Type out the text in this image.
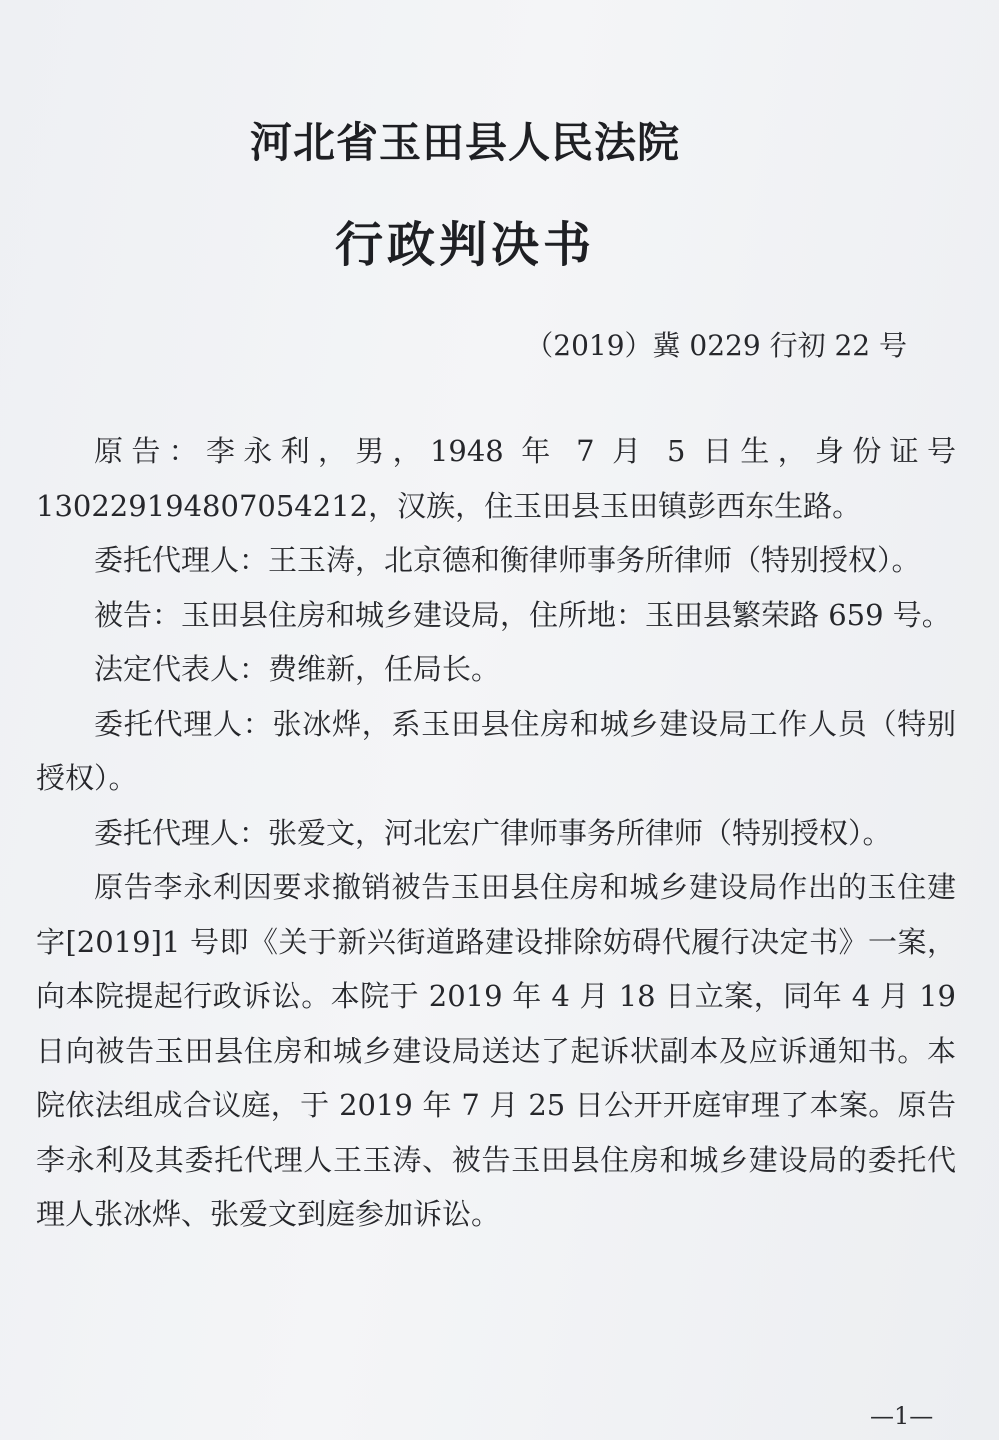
河北省玉田县人民法院
行政判决书
（2019）冀 0229 行初 22 号

原告：李永利，男，1948 年 7 月 5 日生，身份证号 130229194807054212，汉族，住玉田县玉田镇彭西东生路。

委托代理人：王玉涛，北京德和衡律师事务所律师（特别授权）。

被告：玉田县住房和城乡建设局，住所地：玉田县繁荣路 659 号。

法定代表人：费维新，任局长。

委托代理人：张冰烨，系玉田县住房和城乡建设局工作人员（特别授权）。

委托代理人：张爱文，河北宏广律师事务所律师（特别授权）。

原告李永利因要求撤销被告玉田县住房和城乡建设局作出的玉住建字[2019]1 号即《关于新兴街道路建设排除妨碍代履行决定书》一案，向本院提起行政诉讼。本院于 2019 年 4 月 18 日立案，同年 4 月 19 日向被告玉田县住房和城乡建设局送达了起诉状副本及应诉通知书。本院依法组成合议庭，于 2019 年 7 月 25 日公开开庭审理了本案。原告李永利及其委托代理人王玉涛、被告玉田县住房和城乡建设局的委托代理人张冰烨、张爱文到庭参加诉讼。

—1—
